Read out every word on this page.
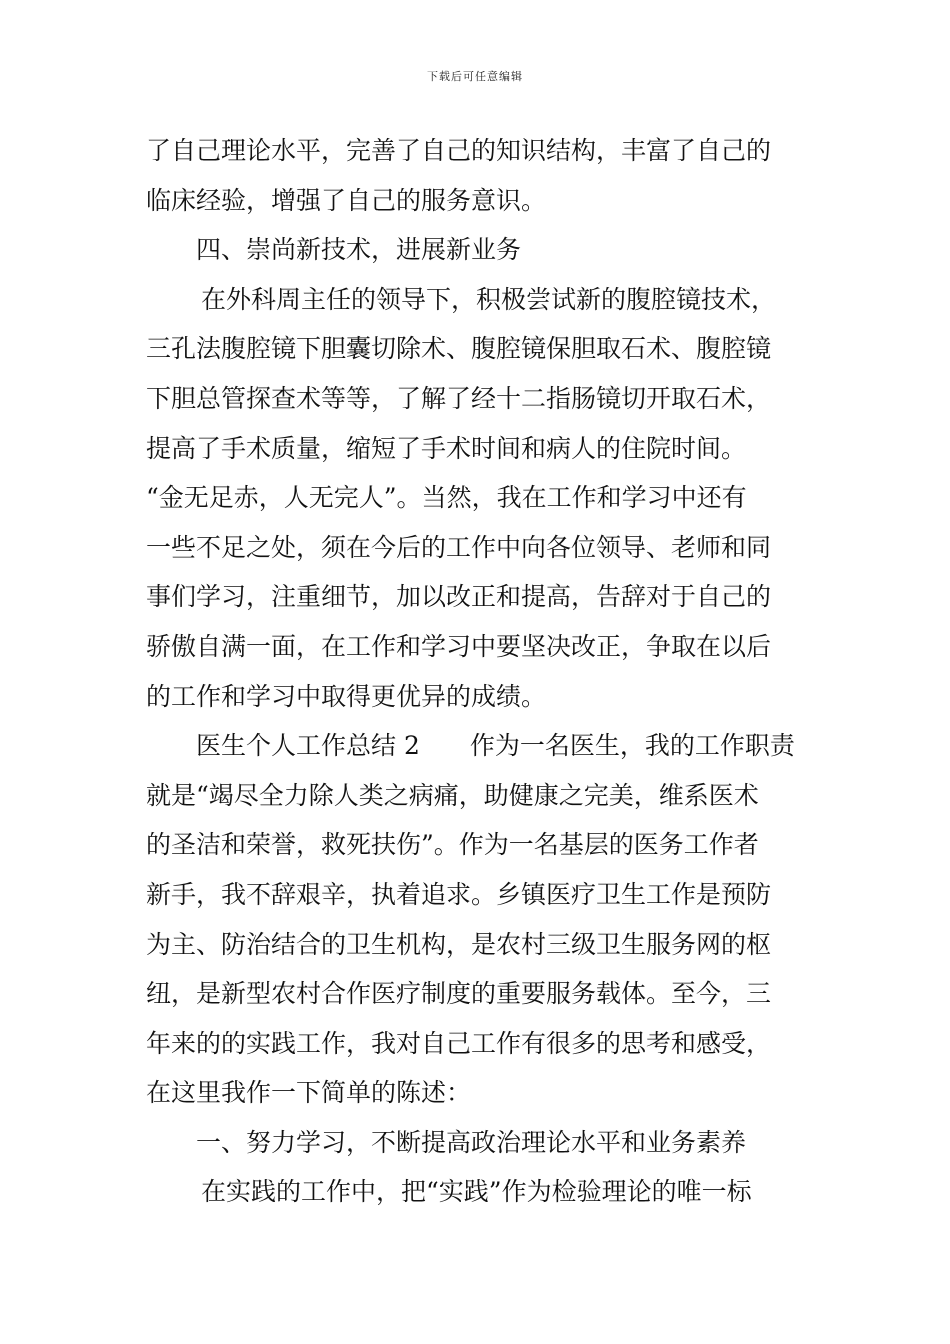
下载后可任意编辑
了自己理论水平，完善了自己的知识结构，丰富了自己的
临床经验，增强了自己的服务意识。
四、崇尚新技术，进展新业务
在外科周主任的领导下，积极尝试新的腹腔镜技术，
三孔法腹腔镜下胆囊切除术、腹腔镜保胆取石术、腹腔镜
下胆总管探查术等等，了解了经十二指肠镜切开取石术，
提高了手术质量，缩短了手术时间和病人的住院时间。
“金无足赤，人无完人”。当然，我在工作和学习中还有
一些不足之处，须在今后的工作中向各位领导、老师和同
事们学习，注重细节，加以改正和提高，告辞对于自己的
骄傲自满一面，在工作和学习中要坚决改正，争取在以后
的工作和学习中取得更优异的成绩。
医生个人工作总结 2　　作为一名医生，我的工作职责
就是“竭尽全力除人类之病痛，助健康之完美，维系医术
的圣洁和荣誉，救死扶伤”。作为一名基层的医务工作者
新手，我不辞艰辛，执着追求。乡镇医疗卫生工作是预防
为主、防治结合的卫生机构，是农村三级卫生服务网的枢
纽，是新型农村合作医疗制度的重要服务载体。至今，三
年来的的实践工作，我对自己工作有很多的思考和感受，
在这里我作一下简单的陈述：
一、努力学习，不断提高政治理论水平和业务素养
在实践的工作中，把“实践”作为检验理论的唯一标
